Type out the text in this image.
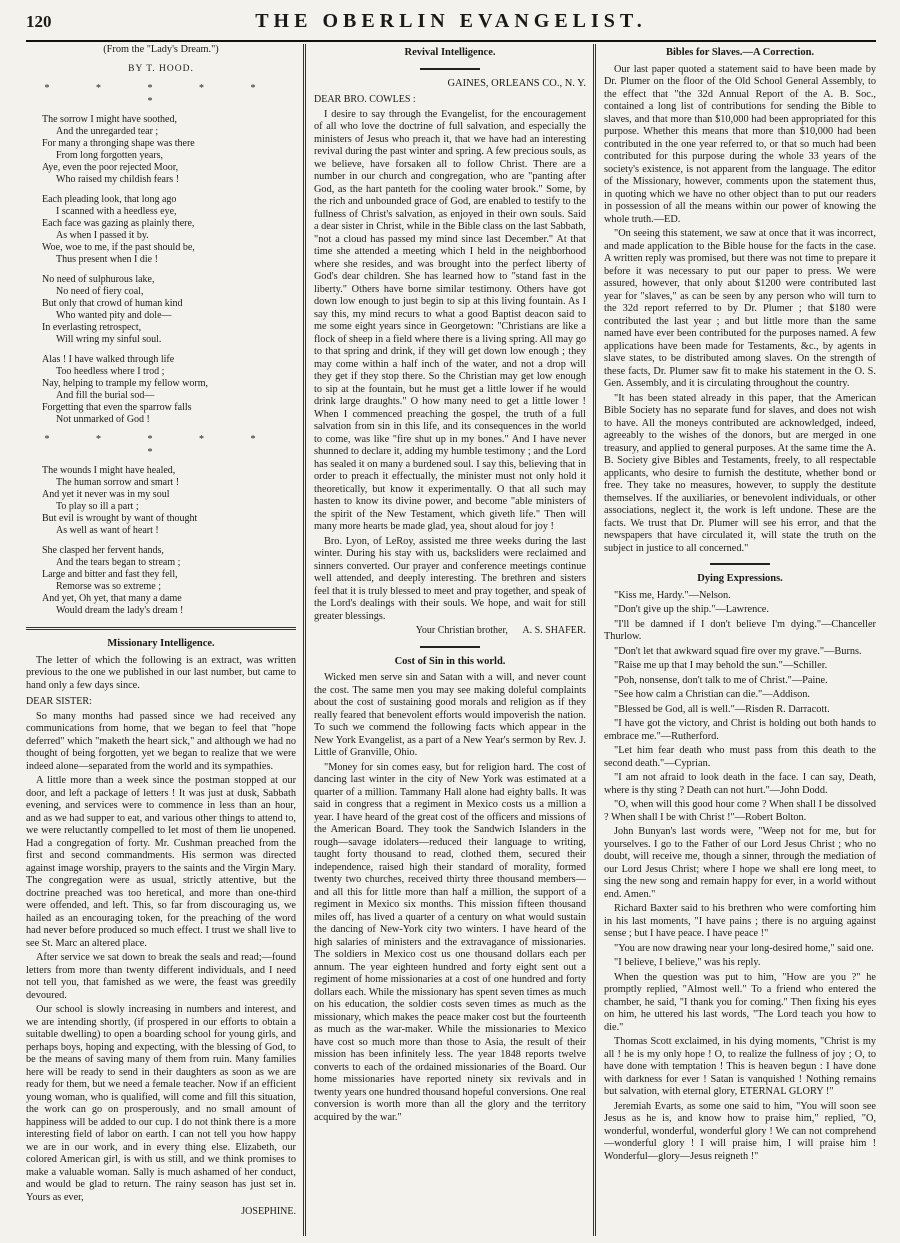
120	THE OBERLIN EVANGELIST.
(From the "Lady's Dream.")
BY T. HOOD.
* * * * * *
The sorrow I might have soothed,
And the unregarded tear ;
For many a thronging shape was there
From long forgotten years,
Aye, even the poor rejected Moor,
Who raised my childish fears !
Each pleading look, that long ago
I scanned with a heedless eye,
Each face was gazing as plainly there,
As when I passed it by.
Woe, woe to me, if the past should be,
Thus present when I die !
No need of sulphurous lake,
No need of fiery coal,
But only that crowd of human kind
Who wanted pity and dole—
In everlasting retrospect,
Will wring my sinful soul.
Alas ! I have walked through life
Too heedless where I trod ;
Nay, helping to trample my fellow worm,
And fill the burial sod—
Forgetting that even the sparrow falls
Not unmarked of God !
* * * * * *
The wounds I might have healed,
The human sorrow and smart !
And yet it never was in my soul
To play so ill a part ;
But evil is wrought by want of thought
As well as want of heart !
She clasped her fervent hands,
And the tears began to stream ;
Large and bitter and fast they fell,
Remorse was so extreme ;
And yet, Oh yet, that many a dame
Would dream the lady's dream !
Missionary Intelligence.

The letter of which the following is an extract, was written previous to the one we published in our last number, but came to hand only a few days since.

DEAR SISTER:

So many months had passed since we had received any communications from home, that we began to feel that "hope deferred" which "maketh the heart sick," and although we had no thought of being forgotten, yet we began to realize that we were indeed alone—separated from the world and its sympathies.

A little more than a week since the postman stopped at our door, and left a package of letters ! It was just at dusk, Sabbath evening, and services were to commence in less than an hour, and as we had supper to eat, and various other things to attend to, we were reluctantly compelled to let most of them lie unopened. Had a congregation of forty. Mr. Cushman preached from the first and second commandments. His sermon was directed against image worship, prayers to the saints and the Virgin Mary. The congregation were as usual, strictly attentive, but the doctrine preached was too heretical, and more than one-third were offended, and left. This, so far from discouraging us, we hailed as an encouraging token, for the preaching of the word had never before produced so much effect. I trust we shall live to see St. Marc an altered place.

After service we sat down to break the seals and read;—found letters from more than twenty different individuals, and I need not tell you, that famished as we were, the feast was greedily devoured.

Our school is slowly increasing in numbers and interest, and we are intending shortly, (if prospered in our efforts to obtain a suitable dwelling) to open a boarding school for young girls, and perhaps boys, hoping and expecting, with the blessing of God, to be the means of saving many of them from ruin. Many families here will be ready to send in their daughters as soon as we are ready for them, but we need a female teacher. Now if an efficient young woman, who is qualified, will come and fill this situation, the work can go on prosperously, and no small amount of happiness will be added to our cup. I do not think there is a more interesting field of labor on earth. I can not tell you how happy we are in our work, and in every thing else. Elizabeth, our colored American girl, is with us still, and we think promises to make a valuable woman. Sally is much ashamed of her conduct, and would be glad to return. The rainy season has just set in. Yours as ever,

JOSEPHINE.
Revival Intelligence.
GAINES, ORLEANS CO., N. Y.
DEAR BRO. COWLES :

I desire to say through the Evangelist, for the encouragement of all who love the doctrine of full salvation, and especially the ministers of Jesus who preach it, that we have had an interesting revival during the past winter and spring. A few precious souls, as we believe, have forsaken all to follow Christ. There are a number in our church and congregation, who are "panting after God, as the hart panteth for the cooling water brook." Some, by the rich and unbounded grace of God, are enabled to testify to the fullness of Christ's salvation, as enjoyed in their own souls. Said a dear sister in Christ, while in the Bible class on the last Sabbath, "not a cloud has passed my mind since last December." At that time she attended a meeting which I held in the neighborhood where she resides, and was brought into the perfect liberty of God's dear children. She has learned how to "stand fast in the liberty." Others have borne similar testimony. Others have got down low enough to just begin to sip at this living fountain. As I say this, my mind recurs to what a good Baptist deacon said to me some eight years since in Georgetown: "Christians are like a flock of sheep in a field where there is a living spring. All may go to that spring and drink, if they will get down low enough ; they may come within a half inch of the water, and not a drop will they get if they stop there. So the Christian may get low enough to sip at the fountain, but he must get a little lower if he would drink large draughts." O how many need to get a little lower ! When I commenced preaching the gospel, the truth of a full salvation from sin in this life, and its consequences in the world to come, was like "fire shut up in my bones." And I have never shunned to declare it, adding my humble testimony ; and the Lord has sealed it on many a burdened soul. I say this, believing that in order to preach it effectually, the minister must not only hold it theoretically, but know it experimentally. O that all such may hasten to know its divine power, and become "able ministers of the spirit of the New Testament, which giveth life." Then will many more hearts be made glad, yea, shout aloud for joy !

Bro. Lyon, of LeRoy, assisted me three weeks during the last winter. During his stay with us, backsliders were reclaimed and sinners converted. Our prayer and conference meetings continue well attended, and deeply interesting. The brethren and sisters feel that it is truly blessed to meet and pray together, and speak of the Lord's dealings with their souls. We hope, and wait for still greater blessings.

Your Christian brother, A. S. SHAFER.
Cost of Sin in this world.

Wicked men serve sin and Satan with a will, and never count the cost. The same men you may see making doleful complaints about the cost of sustaining good morals and religion as if they really feared that benevolent efforts would impoverish the nation. To such we commend the following facts which appear in the New York Evangelist, as a part of a New Year's sermon by Rev. J. Little of Granville, Ohio.

"Money for sin comes easy, but for religion hard. The cost of dancing last winter in the city of New York was estimated at a quarter of a million. Tammany Hall alone had eighty balls. It was said in congress that a regiment in Mexico costs us a million a year. I have heard of the great cost of the officers and missions of the American Board. They took the Sandwich Islanders in the rough—savage idolaters—reduced their language to writing, taught forty thousand to read, clothed them, secured their independence, raised high their standard of morality, formed twenty two churches, received thirty three thousand members—and all this for little more than half a million, the support of a regiment in Mexico six months. This mission fifteen thousand miles off, has lived a quarter of a century on what would sustain the dancing of New-York city two winters. I have heard of the high salaries of ministers and the extravagance of missionaries. The soldiers in Mexico cost us one thousand dollars each per annum. The year eighteen hundred and forty eight sent out a regiment of home missionaries at a cost of one hundred and forty dollars each. While the missionary has spent seven times as much on his education, the soldier costs seven times as much as the missionary, which makes the peace maker cost but the fourteenth as much as the war-maker. While the missionaries to Mexico have cost so much more than those to Asia, the result of their mission has been infinitely less. The year 1848 reports twelve converts to each of the ordained missionaries of the Board. Our home missionaries have reported ninety six revivals and in twenty years one hundred thousand hopeful conversions. One real conversion is worth more than all the glory and the territory acquired by the war."

Bibles for Slaves.—A Correction.

Our last paper quoted a statement said to have been made by Dr. Plumer on the floor of the Old School General Assembly, to the effect that "the 32d Annual Report of the A. B. Soc., contained a long list of contributions for sending the Bible to slaves, and that more than $10,000 had been appropriated for this purpose. Whether this means that more than $10,000 had been contributed in the one year referred to, or that so much had been contributed for this purpose during the whole 33 years of the society's existence, is not apparent from the language. The editor of the Missionary, however, comments upon the statement thus, in quoting which we have no other object than to put our readers in possession of all the means within our power of knowing the whole truth.—ED.

"On seeing this statement, we saw at once that it was incorrect, and made application to the Bible house for the facts in the case. A written reply was promised, but there was not time to prepare it before it was necessary to put our paper to press. We were assured, however, that only about $1200 were contributed last year for "slaves," as can be seen by any person who will turn to the 32d report referred to by Dr. Plumer ; that $180 were contributed the last year ; and but little more than the same named have ever been contributed for the purposes named. A few applications have been made for Testaments, &c., by agents in slave states, to be distributed among slaves. On the strength of these facts, Dr. Plumer saw fit to make his statement in the O. S. Gen. Assembly, and it is circulating throughout the country.

"It has been stated already in this paper, that the American Bible Society has no separate fund for slaves, and does not wish to have. All the moneys contributed are acknowledged, indeed, agreeably to the wishes of the donors, but are merged in one treasury, and applied to general purposes. At the same time the A. B. Society give Bibles and Testaments, freely, to all respectable applicants, who desire to furnish the destitute, whether bond or free. They take no measures, however, to supply the destitute themselves. If the auxiliaries, or benevolent individuals, or other associations, neglect it, the work is left undone. These are the facts. We trust that Dr. Plumer will see his error, and that the newspapers that have circulated it, will state the truth on the subject in justice to all concerned."

Dying Expressions.

"Kiss me, Hardy."—Nelson.

"Don't give up the ship."—Lawrence.

"I'll be damned if I don't believe I'm dying."—Chanceller Thurlow.

"Don't let that awkward squad fire over my grave."—Burns.

"Raise me up that I may behold the sun."—Schiller.

"Poh, nonsense, don't talk to me of Christ."—Paine.

"See how calm a Christian can die."—Addison.

"Blessed be God, all is well."—Risden R. Darracott.

"I have got the victory, and Christ is holding out both hands to embrace me."—Rutherford.

"Let him fear death who must pass from this death to the second death."—Cyprian.

"I am not afraid to look death in the face. I can say, Death, where is thy sting ? Death can not hurt."—John Dodd.

"O, when will this good hour come ? When shall I be dissolved ? When shall I be with Christ !"—Robert Bolton.

John Bunyan's last words were, "Weep not for me, but for yourselves. I go to the Father of our Lord Jesus Christ ; who no doubt, will receive me, though a sinner, through the mediation of our Lord Jesus Christ; where I hope we shall ere long meet, to sing the new song and remain happy for ever, in a world without end. Amen."

Richard Baxter said to his brethren who were comforting him in his last moments, "I have pains ; there is no arguing against sense ; but I have peace. I have peace !"

"You are now drawing near your long-desired home," said one.

"I believe, I believe," was his reply.

When the question was put to him, "How are you ?" he promptly replied, "Almost well." To a friend who entered the chamber, he said, "I thank you for coming." Then fixing his eyes on him, he uttered his last words, "The Lord teach you how to die."

Thomas Scott exclaimed, in his dying moments, "Christ is my all ! he is my only hope ! O, to realize the fullness of joy ; O, to have done with temptation ! This is heaven begun : I have done with darkness for ever ! Satan is vanquished ! Nothing remains but salvation, with eternal glory, ETERNAL GLORY !"

Jeremiah Evarts, as some one said to him, "You will soon see Jesus as he is, and know how to praise him," replied, "O, wonderful, wonderful, wonderful glory ! We can not comprehend—wonderful glory ! I will praise him, I will praise him ! Wonderful—glory—Jesus reigneth !"
